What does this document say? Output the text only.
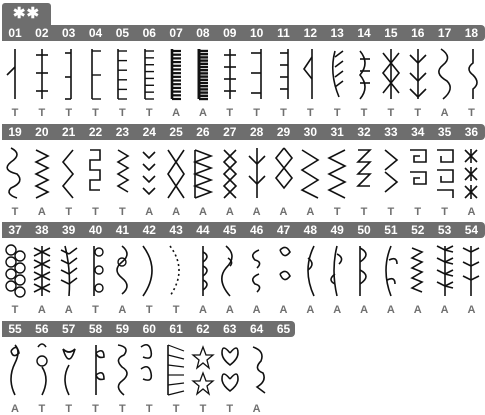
✱✱
01
T
02
T
03
T
04
T
05
T
06
T
07
A
08
A
09
T
10
T
11
T
12
T
13
T
14
T
15
T
16
T
17
A
18
T
19
T
20
A
21
T
22
T
23
T
24
A
25
A
26
A
27
A
28
A
29
A
30
A
31
T
32
T
33
T
34
T
35
T
36
A
37
T
38
A
39
A
40
T
41
A
42
T
43
T
44
A
45
A
46
A
47
A
48
A
49
A
50
A
51
A
52
A
53
A
54
A
55
A
56
T
57
T
58
T
59
T
60
T
61
T
62
T
63
T
64
A
65
